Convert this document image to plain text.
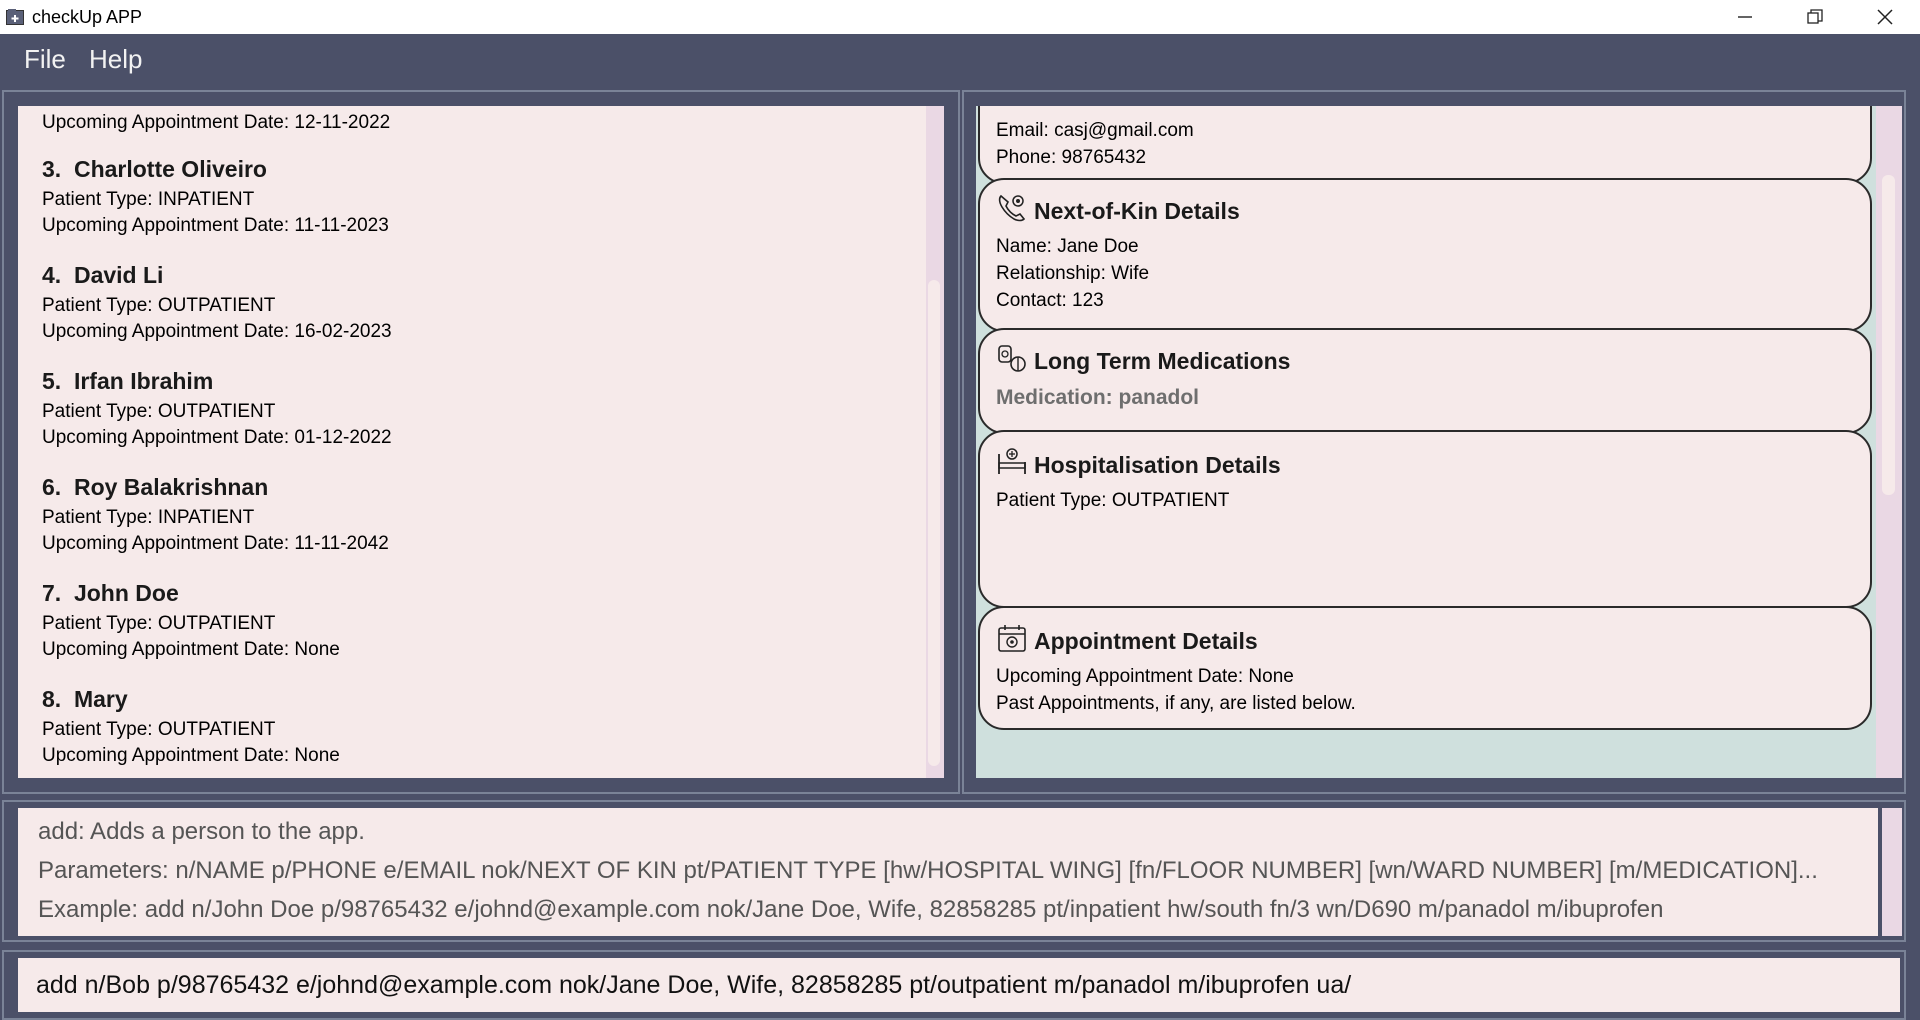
checkUp APP
File Help
Upcoming Appointment Date: 12-11-2022
3. Charlotte Oliveiro
Patient Type: INPATIENT
Upcoming Appointment Date: 11-11-2023
4. David Li
Patient Type: OUTPATIENT
Upcoming Appointment Date: 16-02-2023
5. Irfan Ibrahim
Patient Type: OUTPATIENT
Upcoming Appointment Date: 01-12-2022
6. Roy Balakrishnan
Patient Type: INPATIENT
Upcoming Appointment Date: 11-11-2042
7. John Doe
Patient Type: OUTPATIENT
Upcoming Appointment Date: None
8. Mary
Patient Type: OUTPATIENT
Upcoming Appointment Date: None
Email: casj@gmail.com
Phone: 98765432
Next-of-Kin Details
Name: Jane Doe
Relationship: Wife
Contact: 123
Long Term Medications
Medication: panadol
Hospitalisation Details
Patient Type: OUTPATIENT
Appointment Details
Upcoming Appointment Date: None
Past Appointments, if any, are listed below.
add: Adds a person to the app.
Parameters: n/NAME p/PHONE e/EMAIL nok/NEXT OF KIN pt/PATIENT TYPE [hw/HOSPITAL WING] [fn/FLOOR NUMBER] [wn/WARD NUMBER] [m/MEDICATION]...
Example: add n/John Doe p/98765432 e/johnd@example.com nok/Jane Doe, Wife, 82858285 pt/inpatient hw/south fn/3 wn/D690 m/panadol m/ibuprofen
add n/Bob p/98765432 e/johnd@example.com nok/Jane Doe, Wife, 82858285 pt/outpatient m/panadol m/ibuprofen ua/
